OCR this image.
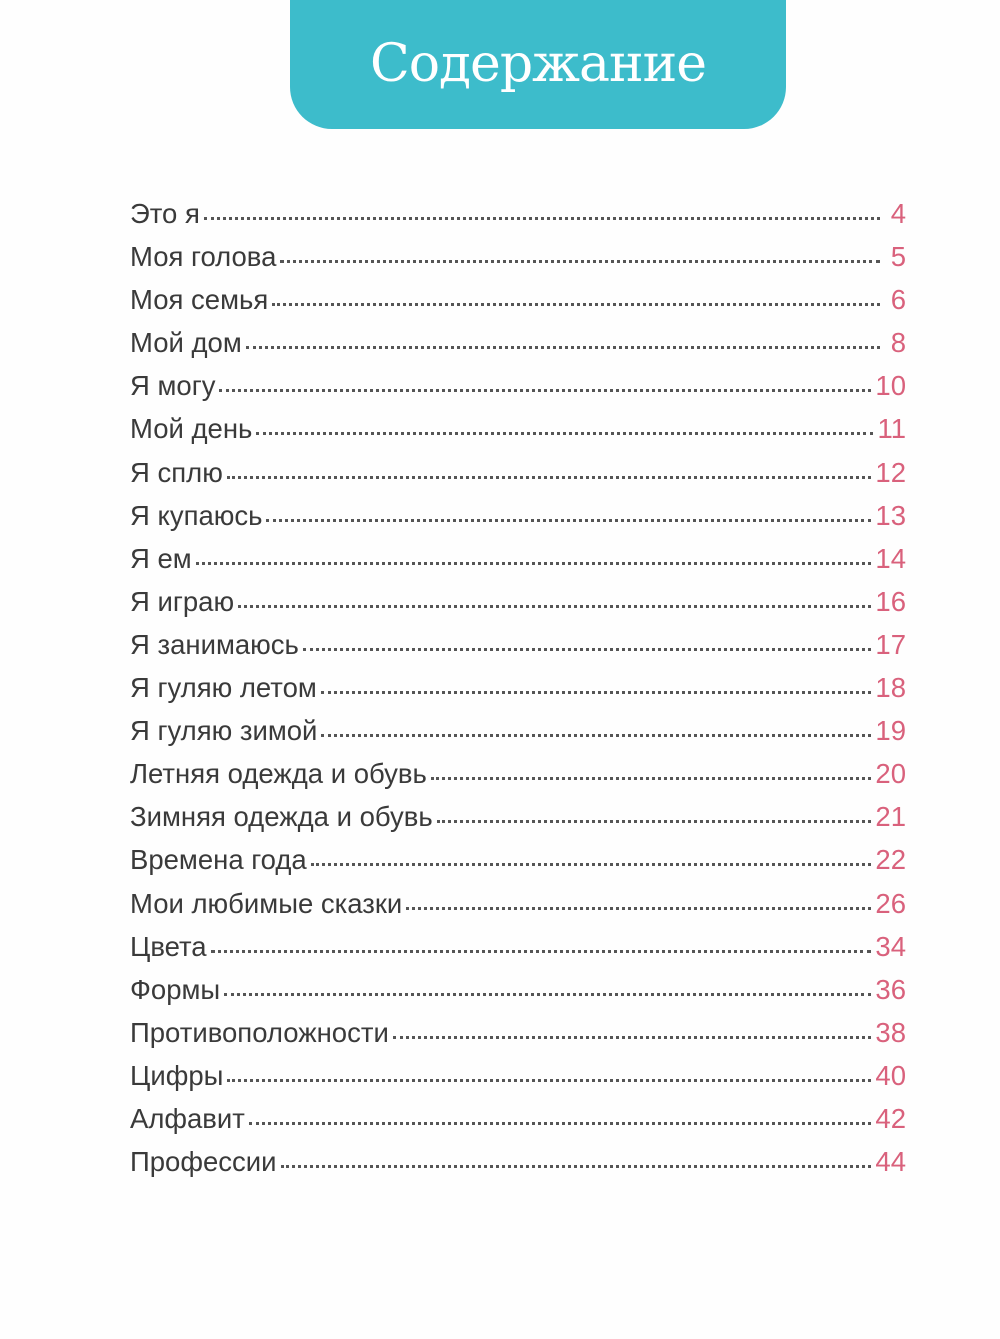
Содержание
Это я	4
Моя голова	5
Моя семья	6
Мой дом	8
Я могу	10
Мой день	11
Я сплю	12
Я купаюсь	13
Я ем	14
Я играю	16
Я занимаюсь	17
Я гуляю летом	18
Я гуляю зимой	19
Летняя одежда и обувь	20
Зимняя одежда и обувь	21
Времена года	22
Мои любимые сказки	26
Цвета	34
Формы	36
Противоположности	38
Цифры	40
Алфавит	42
Профессии	44
